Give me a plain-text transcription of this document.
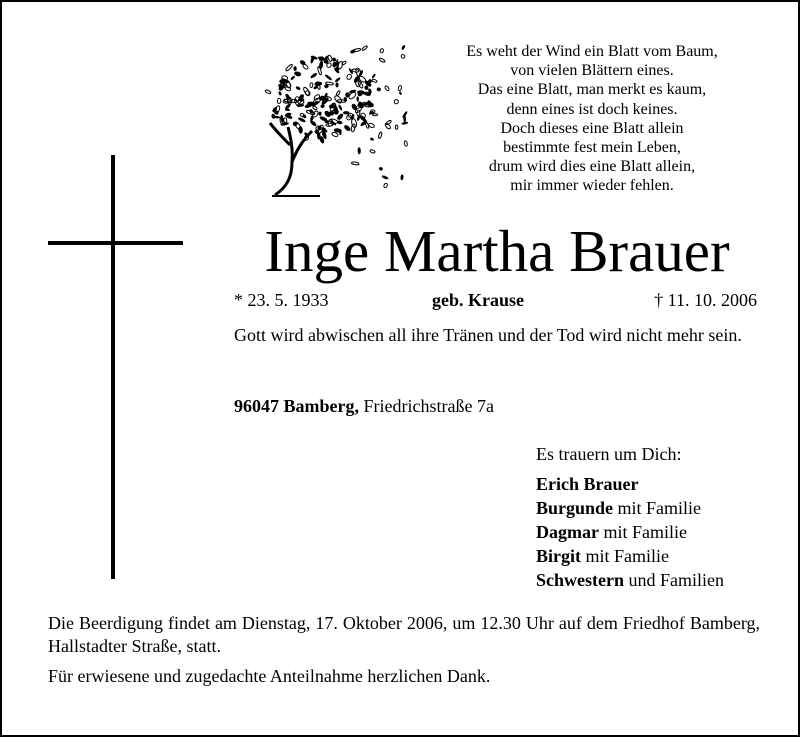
Es weht der Wind ein Blatt vom Baum,
von vielen Blättern eines.
Das eine Blatt, man merkt es kaum,
denn eines ist doch keines.
Doch dieses eine Blatt allein
bestimmte fest mein Leben,
drum wird dies eine Blatt allein,
mir immer wieder fehlen.
Inge Martha Brauer
* 23. 5. 1933	geb. Krause	† 11. 10. 2006
Gott wird abwischen all ihre Tränen und der Tod wird nicht mehr sein.
96047 Bamberg, Friedrichstraße 7a
Es trauern um Dich:
Erich Brauer
Burgunde mit Familie
Dagmar mit Familie
Birgit mit Familie
Schwestern und Familien
Die Beerdigung findet am Dienstag, 17. Oktober 2006, um 12.30 Uhr auf dem Friedhof Bamberg, Hallstadter Straße, statt.
Für erwiesene und zugedachte Anteilnahme herzlichen Dank.
